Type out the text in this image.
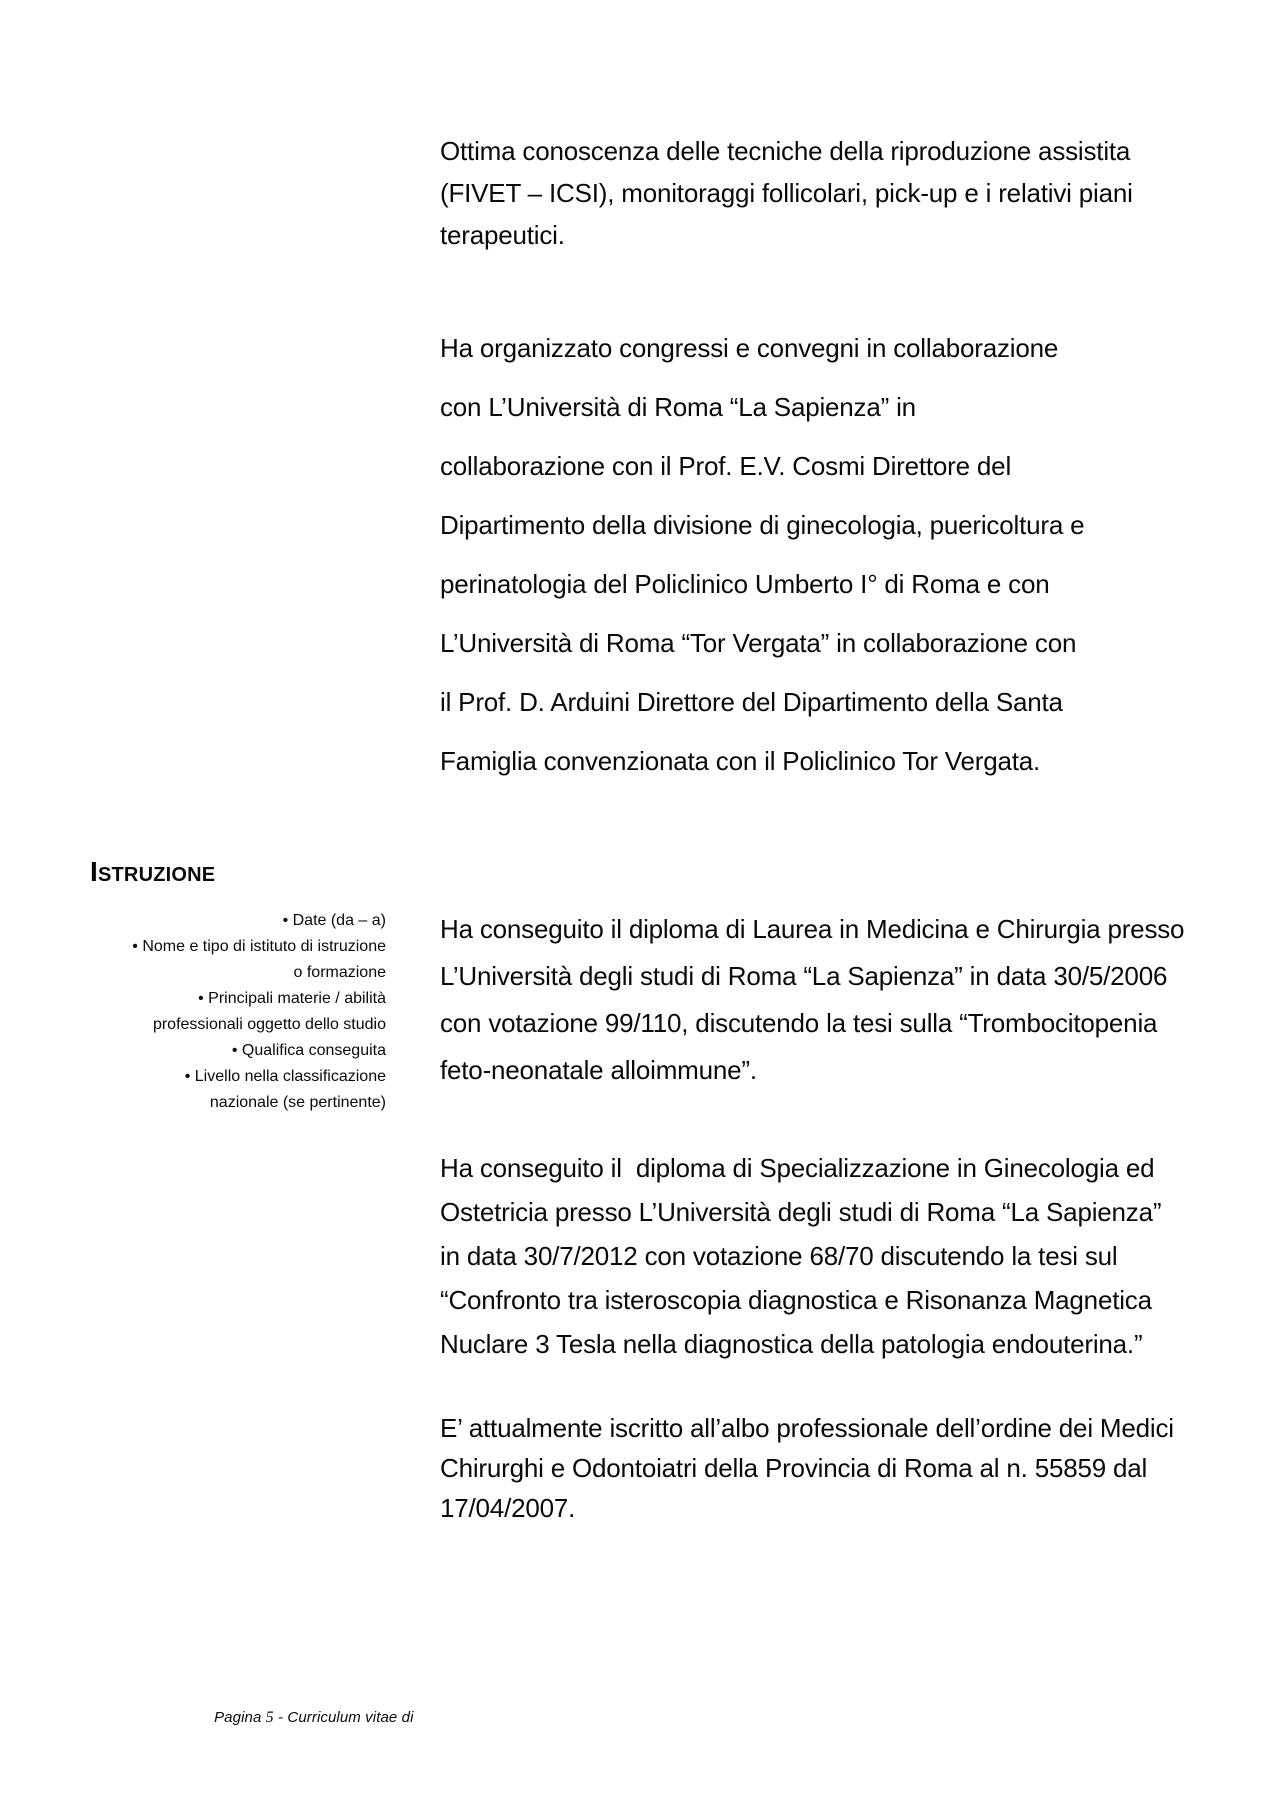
Ottima conoscenza delle tecniche della riproduzione assistita
(FIVET – ICSI), monitoraggi follicolari, pick-up e i relativi piani
terapeutici.
Ha organizzato congressi e convegni in collaborazione
con L’Università di Roma “La Sapienza” in
collaborazione con il Prof. E.V. Cosmi Direttore del
Dipartimento della divisione di ginecologia, puericoltura e
perinatologia del Policlinico Umberto I° di Roma e con
L’Università di Roma “Tor Vergata” in collaborazione con
il Prof. D. Arduini Direttore del Dipartimento della Santa
Famiglia convenzionata con il Policlinico Tor Vergata.
Istruzione
• Date (da – a)
• Nome e tipo di istituto di istruzione
o formazione
• Principali materie / abilità
professionali oggetto dello studio
• Qualifica conseguita
• Livello nella classificazione
nazionale (se pertinente)
Ha conseguito il diploma di Laurea in Medicina e Chirurgia presso
L’Università degli studi di Roma “La Sapienza” in data 30/5/2006
con votazione 99/110, discutendo la tesi sulla “Trombocitopenia
feto-neonatale alloimmune”.
Ha conseguito il  diploma di Specializzazione in Ginecologia ed
Ostetricia presso L’Università degli studi di Roma “La Sapienza”
in data 30/7/2012 con votazione 68/70 discutendo la tesi sul
“Confronto tra isteroscopia diagnostica e Risonanza Magnetica
Nuclare 3 Tesla nella diagnostica della patologia endouterina.”
E’ attualmente iscritto all’albo professionale dell’ordine dei Medici
Chirurghi e Odontoiatri della Provincia di Roma al n. 55859 dal
17/04/2007.

Pagina 5 - Curriculum vitae di
